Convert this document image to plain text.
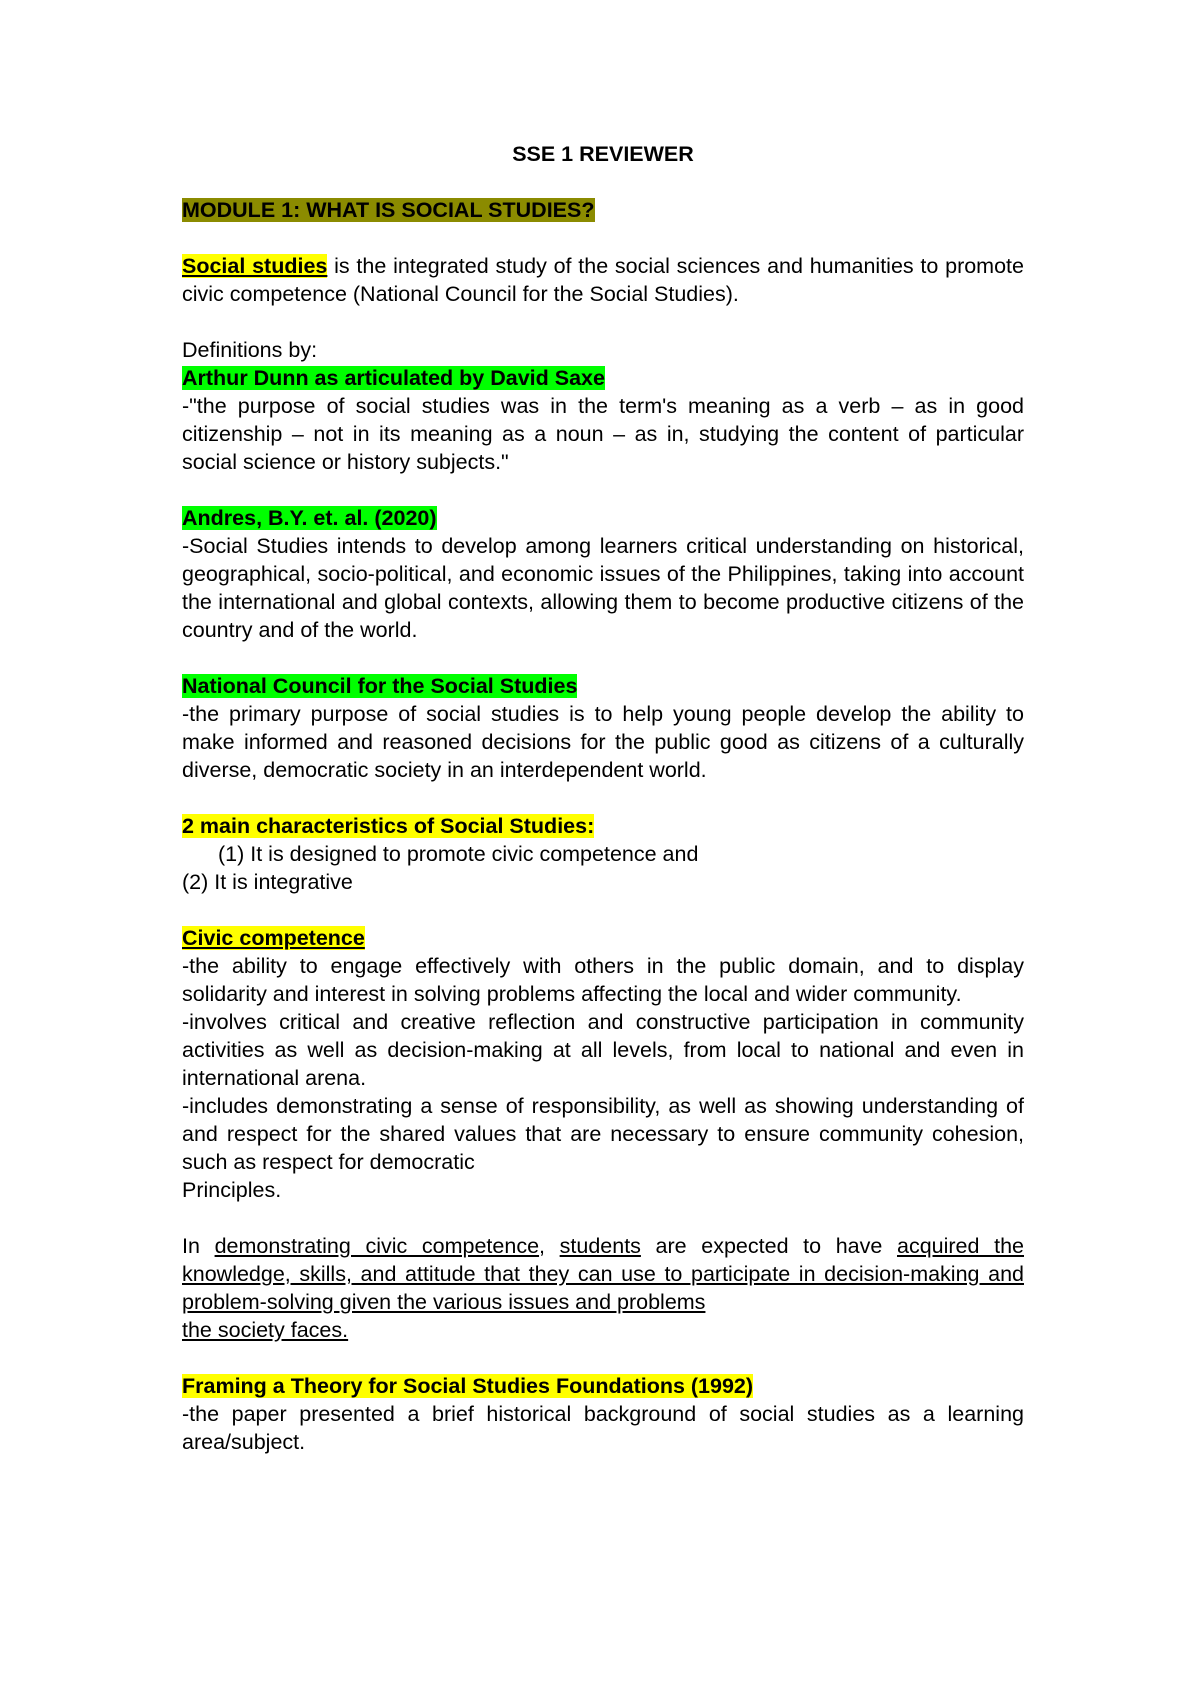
SSE 1 REVIEWER

MODULE 1: WHAT IS SOCIAL STUDIES?

Social studies is the integrated study of the social sciences and humanities to promote civic competence (National Council for the Social Studies).

Definitions by:

Arthur Dunn as articulated by David Saxe

-"the purpose of social studies was in the term's meaning as a verb – as in good citizenship – not in its meaning as a noun – as in, studying the content of particular social science or history subjects."

Andres, B.Y. et. al. (2020)

-Social Studies intends to develop among learners critical understanding on historical, geographical, socio-political, and economic issues of the Philippines, taking into account the international and global contexts, allowing them to become productive citizens of the country and of the world.

National Council for the Social Studies

-the primary purpose of social studies is to help young people develop the ability to make informed and reasoned decisions for the public good as citizens of a culturally diverse, democratic society in an interdependent world.

2 main characteristics of Social Studies:

(1) It is designed to promote civic competence and

(2) It is integrative

Civic competence

-the ability to engage effectively with others in the public domain, and to display solidarity and interest in solving problems affecting the local and wider community.

-involves critical and creative reflection and constructive participation in community activities as well as decision-making at all levels, from local to national and even in international arena.

-includes demonstrating a sense of responsibility, as well as showing understanding of and respect for the shared values that are necessary to ensure community cohesion, such as respect for democratic

Principles.

In demonstrating civic competence, students are expected to have acquired the knowledge, skills, and attitude that they can use to participate in decision-making and problem-solving given the various issues and problems

the society faces.

Framing a Theory for Social Studies Foundations (1992)

-the paper presented a brief historical background of social studies as a learning area/subject.
